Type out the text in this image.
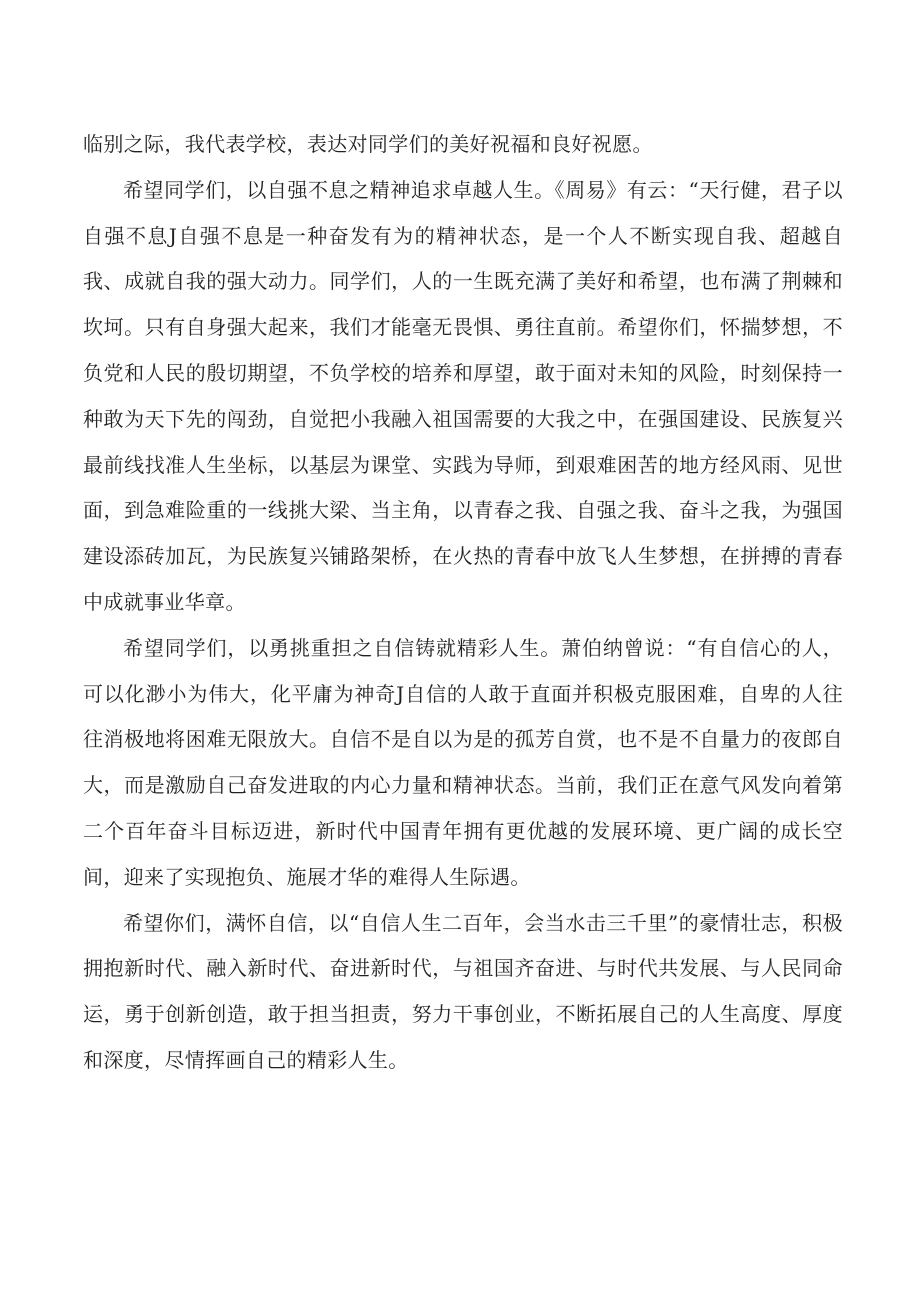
临别之际，我代表学校，表达对同学们的美好祝福和良好祝愿。

希望同学们，以自强不息之精神追求卓越人生。《周易》有云：“天行健，君子以自强不息J自强不息是一种奋发有为的精神状态，是一个人不断实现自我、超越自我、成就自我的强大动力。同学们，人的一生既充满了美好和希望，也布满了荆棘和坎坷。只有自身强大起来，我们才能毫无畏惧、勇往直前。希望你们，怀揣梦想，不负党和人民的殷切期望，不负学校的培养和厚望，敢于面对未知的风险，时刻保持一种敢为天下先的闯劲，自觉把小我融入祖国需要的大我之中，在强国建设、民族复兴最前线找准人生坐标，以基层为课堂、实践为导师，到艰难困苦的地方经风雨、见世面，到急难险重的一线挑大梁、当主角，以青春之我、自强之我、奋斗之我，为强国建设添砖加瓦，为民族复兴铺路架桥，在火热的青春中放飞人生梦想，在拼搏的青春中成就事业华章。

希望同学们，以勇挑重担之自信铸就精彩人生。萧伯纳曾说：“有自信心的人，可以化渺小为伟大，化平庸为神奇J自信的人敢于直面并积极克服困难，自卑的人往往消极地将困难无限放大。自信不是自以为是的孤芳自赏，也不是不自量力的夜郎自大，而是激励自己奋发进取的内心力量和精神状态。当前，我们正在意气风发向着第二个百年奋斗目标迈进，新时代中国青年拥有更优越的发展环境、更广阔的成长空间，迎来了实现抱负、施展才华的难得人生际遇。

希望你们，满怀自信，以“自信人生二百年，会当水击三千里”的豪情壮志，积极拥抱新时代、融入新时代、奋进新时代，与祖国齐奋进、与时代共发展、与人民同命运，勇于创新创造，敢于担当担责，努力干事创业，不断拓展自己的人生高度、厚度和深度，尽情挥画自己的精彩人生。
